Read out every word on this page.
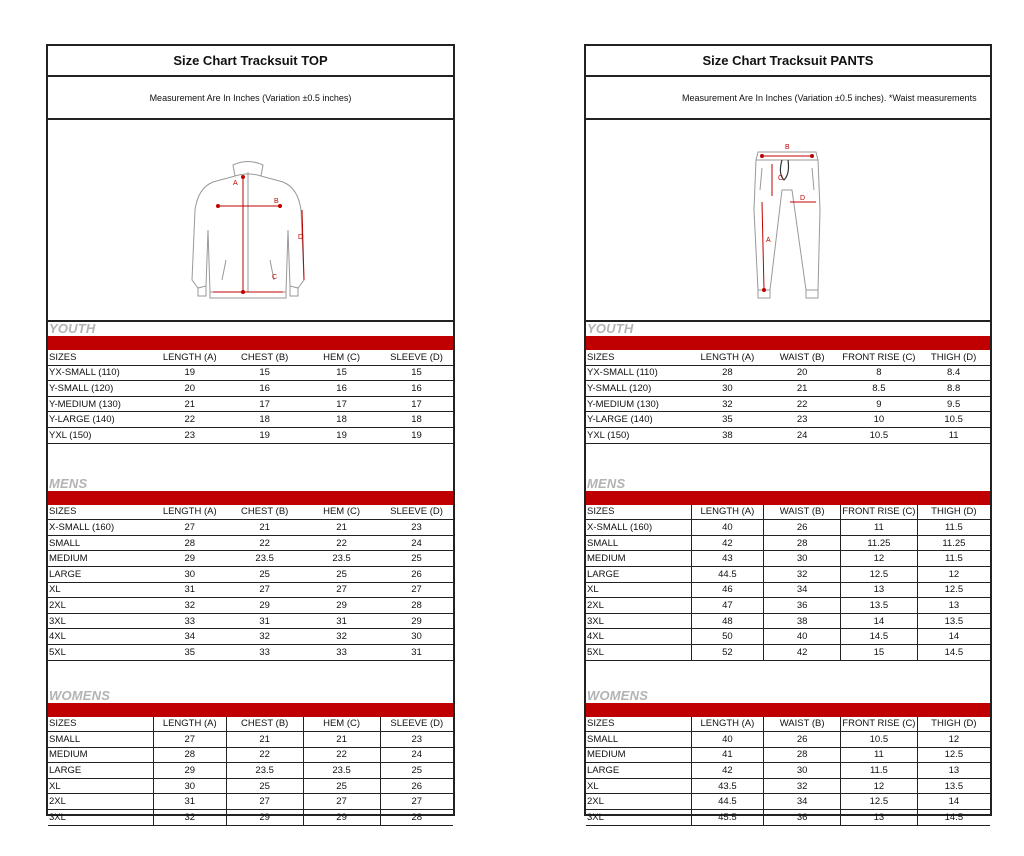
Size Chart Tracksuit TOP
Measurement Are In Inches (Variation ±0.5 inches)
A
B
C
D
YOUTH
SIZES	LENGTH (A)	CHEST (B)	HEM (C)	SLEEVE (D)
YX-SMALL (110)	19	15	15	15
Y-SMALL (120)	20	16	16	16
Y-MEDIUM (130)	21	17	17	17
Y-LARGE (140)	22	18	18	18
YXL (150)	23	19	19	19
MENS
SIZES	LENGTH (A)	CHEST (B)	HEM (C)	SLEEVE (D)
X-SMALL (160)	27	21	21	23
SMALL	28	22	22	24
MEDIUM	29	23.5	23.5	25
LARGE	30	25	25	26
XL	31	27	27	27
2XL	32	29	29	28
3XL	33	31	31	29
4XL	34	32	32	30
5XL	35	33	33	31
WOMENS
SIZES	LENGTH (A)	CHEST (B)	HEM (C)	SLEEVE (D)
SMALL	27	21	21	23
MEDIUM	28	22	22	24
LARGE	29	23.5	23.5	25
XL	30	25	25	26
2XL	31	27	27	27
3XL	32	29	29	28
Size Chart Tracksuit PANTS
Measurement Are In Inches (Variation ±0.5 inches). *Waist measurements
B
C
D
A
YOUTH
SIZES	LENGTH (A)	WAIST (B)	FRONT RISE (C)	THIGH (D)
YX-SMALL (110)	28	20	8	8.4
Y-SMALL (120)	30	21	8.5	8.8
Y-MEDIUM (130)	32	22	9	9.5
Y-LARGE (140)	35	23	10	10.5
YXL (150)	38	24	10.5	11
MENS
SIZES	LENGTH (A)	WAIST (B)	FRONT RISE (C)	THIGH (D)
X-SMALL (160)	40	26	11	11.5
SMALL	42	28	11.25	11.25
MEDIUM	43	30	12	11.5
LARGE	44.5	32	12.5	12
XL	46	34	13	12.5
2XL	47	36	13.5	13
3XL	48	38	14	13.5
4XL	50	40	14.5	14
5XL	52	42	15	14.5
WOMENS
SIZES	LENGTH (A)	WAIST (B)	FRONT RISE (C)	THIGH (D)
SMALL	40	26	10.5	12
MEDIUM	41	28	11	12.5
LARGE	42	30	11.5	13
XL	43.5	32	12	13.5
2XL	44.5	34	12.5	14
3XL	45.5	36	13	14.5
